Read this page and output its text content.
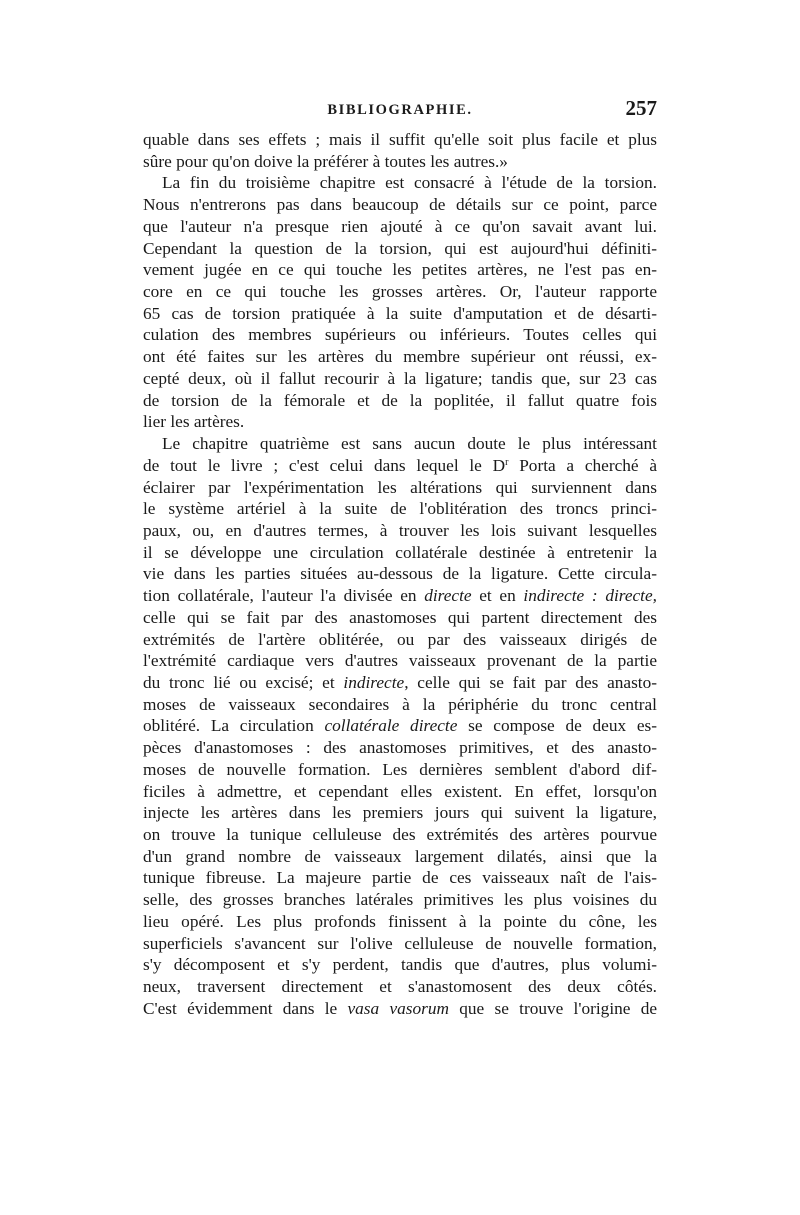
BIBLIOGRAPHIE.	257
quable dans ses effets ; mais il suffit qu'elle soit plus facile et plus
sûre pour qu'on doive la préférer à toutes les autres.»
La fin du troisième chapitre est consacré à l'étude de la torsion.
Nous n'entrerons pas dans beaucoup de détails sur ce point, parce
que l'auteur n'a presque rien ajouté à ce qu'on savait avant lui.
Cependant la question de la torsion, qui est aujourd'hui définiti-
vement jugée en ce qui touche les petites artères, ne l'est pas en-
core en ce qui touche les grosses artères. Or, l'auteur rapporte
65 cas de torsion pratiquée à la suite d'amputation et de désarti-
culation des membres supérieurs ou inférieurs. Toutes celles qui
ont été faites sur les artères du membre supérieur ont réussi, ex-
cepté deux, où il fallut recourir à la ligature; tandis que, sur 23 cas
de torsion de la fémorale et de la poplitée, il fallut quatre fois
lier les artères.
Le chapitre quatrième est sans aucun doute le plus intéressant
de tout le livre ; c'est celui dans lequel le $D^r$ Porta a cherché à
éclairer par l'expérimentation les altérations qui surviennent dans
le système artériel à la suite de l'oblitération des troncs princi-
paux, ou, en d'autres termes, à trouver les lois suivant lesquelles
il se développe une circulation collatérale destinée à entretenir la
vie dans les parties situées au-dessous de la ligature. Cette circula-
tion collatérale, l'auteur l'a divisée en directe et en indirecte : directe,
celle qui se fait par des anastomoses qui partent directement des
extrémités de l'artère oblitérée, ou par des vaisseaux dirigés de
l'extrémité cardiaque vers d'autres vaisseaux provenant de la partie
du tronc lié ou excisé; et indirecte, celle qui se fait par des anasto-
moses de vaisseaux secondaires à la périphérie du tronc central
oblitéré. La circulation collatérale directe se compose de deux es-
pèces d'anastomoses : des anastomoses primitives, et des anasto-
moses de nouvelle formation. Les dernières semblent d'abord dif-
ficiles à admettre, et cependant elles existent. En effet, lorsqu'on
injecte les artères dans les premiers jours qui suivent la ligature,
on trouve la tunique celluleuse des extrémités des artères pourvue
d'un grand nombre de vaisseaux largement dilatés, ainsi que la
tunique fibreuse. La majeure partie de ces vaisseaux naît de l'ais-
selle, des grosses branches latérales primitives les plus voisines du
lieu opéré. Les plus profonds finissent à la pointe du cône, les
superficiels s'avancent sur l'olive celluleuse de nouvelle formation,
s'y décomposent et s'y perdent, tandis que d'autres, plus volumi-
neux, traversent directement et s'anastomosent des deux côtés.
C'est évidemment dans le vasa vasorum que se trouve l'origine de
